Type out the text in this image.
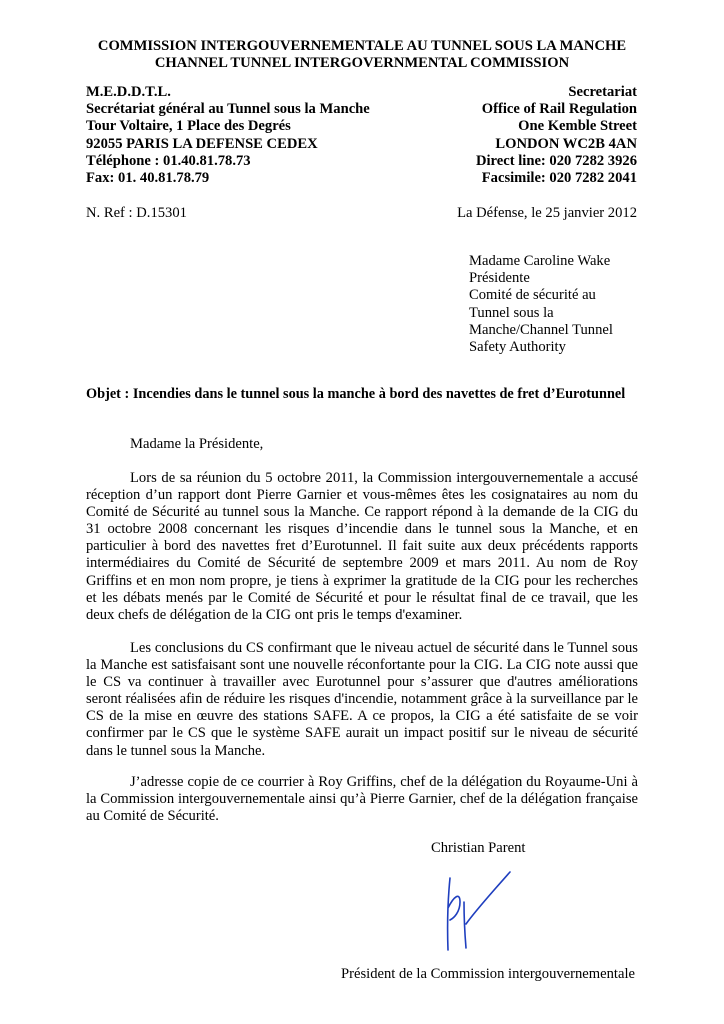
COMMISSION INTERGOUVERNEMENTALE AU TUNNEL SOUS LA MANCHE
CHANNEL TUNNEL INTERGOVERNMENTAL COMMISSION
M.E.D.D.T.L.
Secrétariat général au Tunnel sous la Manche
Tour Voltaire, 1 Place des Degrés
92055 PARIS LA DEFENSE CEDEX
Téléphone : 01.40.81.78.73
Fax: 01. 40.81.78.79
Secretariat
Office of Rail Regulation
One Kemble Street
LONDON WC2B 4AN
Direct line: 020 7282 3926
Facsimile: 020 7282 2041
N. Ref : D.15301	La Défense, le 25 janvier 2012
Madame Caroline Wake
Présidente
Comité de sécurité au
Tunnel sous la
Manche/Channel Tunnel
Safety Authority
Objet : Incendies dans le tunnel sous la manche à bord des navettes de fret d’Eurotunnel
Madame la Présidente,

Lors de sa réunion du 5 octobre 2011, la Commission intergouvernementale a accusé réception d’un rapport dont Pierre Garnier et vous-mêmes êtes les cosignataires au nom du Comité de Sécurité au tunnel sous la Manche. Ce rapport répond à la demande de la CIG du 31 octobre 2008 concernant les risques d’incendie dans le tunnel sous la Manche, et en particulier à bord des navettes fret d’Eurotunnel. Il fait suite aux deux précédents rapports intermédiaires du Comité de Sécurité de septembre 2009 et mars 2011. Au nom de Roy Griffins et en mon nom propre, je tiens à exprimer la gratitude de la CIG pour les recherches et les débats menés par le Comité de Sécurité et pour le résultat final de ce travail, que les deux chefs de délégation de la CIG ont pris le temps d'examiner.

Les conclusions du CS confirmant que le niveau actuel de sécurité dans le Tunnel sous la Manche est satisfaisant sont une nouvelle réconfortante pour la CIG. La CIG note aussi que le CS va continuer à travailler avec Eurotunnel pour s’assurer que d'autres améliorations seront réalisées afin de réduire les risques d'incendie, notamment grâce à la surveillance par le CS de la mise en œuvre des stations SAFE. A ce propos, la CIG a été satisfaite de se voir confirmer par le CS que le système SAFE aurait un impact positif sur le niveau de sécurité dans le tunnel sous la Manche.

J’adresse copie de ce courrier à Roy Griffins, chef de la délégation du Royaume-Uni à la Commission intergouvernementale ainsi qu’à Pierre Garnier, chef de la délégation française au Comité de Sécurité.

Christian Parent
Président de la Commission intergouvernementale
